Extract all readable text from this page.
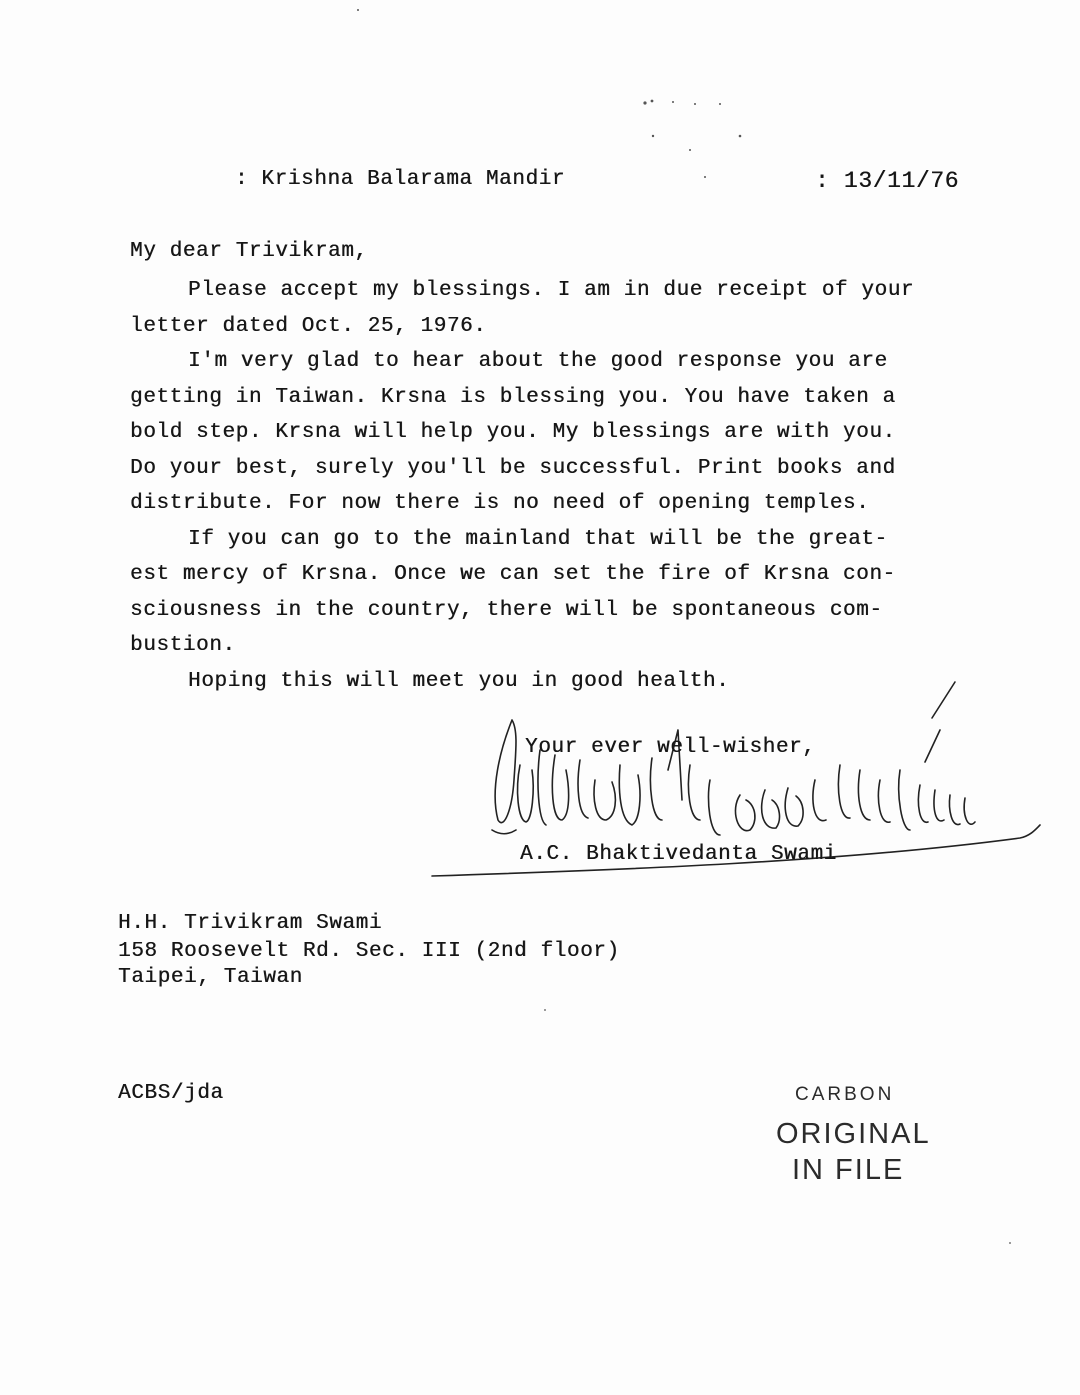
: Krishna Balarama Mandir	: 13/11/76
My dear Trivikram,
Please accept my blessings. I am in due receipt of your
letter dated Oct. 25, 1976.
I'm very glad to hear about the good response you are
getting in Taiwan. Krsna is blessing you. You have taken a
bold step. Krsna will help you. My blessings are with you.
Do your best, surely you'll be successful. Print books and
distribute. For now there is no need of opening temples.
If you can go to the mainland that will be the great-
est mercy of Krsna. Once we can set the fire of Krsna con-
sciousness in the country, there will be spontaneous com-
bustion.
Hoping this will meet you in good health.
Your ever well-wisher,
A.C. Bhaktivedanta Swami
H.H. Trivikram Swami
158 Roosevelt Rd. Sec. III (2nd floor)
Taipei, Taiwan
ACBS/jda	CARBON
ORIGINAL
IN FILE
